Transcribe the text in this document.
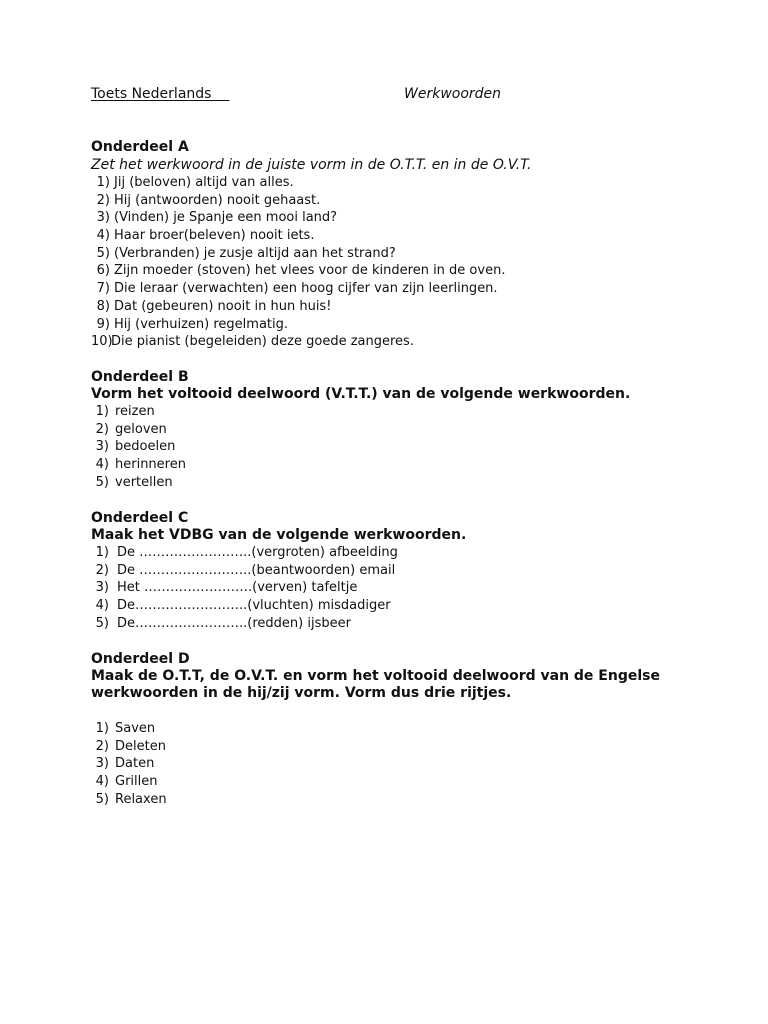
Toets Nederlands	Werkwoorden
Onderdeel A
Zet het werkwoord in de juiste vorm in de O.T.T. en in de O.V.T.
1) Jij (beloven) altijd van alles.
2) Hij (antwoorden) nooit gehaast.
3) (Vinden) je Spanje een mooi land?
4) Haar broer(beleven) nooit iets.
5) (Verbranden) je zusje altijd aan het strand?
6) Zijn moeder (stoven) het vlees voor de kinderen in de oven.
7) Die leraar (verwachten) een hoog cijfer van zijn leerlingen.
8) Dat (gebeuren) nooit in hun huis!
9) Hij (verhuizen) regelmatig.
10)
Die pianist (begeleiden) deze goede zangeres.
Onderdeel B
Vorm het voltooid deelwoord (V.T.T.) van de volgende werkwoorden.
1) reizen
2) geloven
3) bedoelen
4) herinneren
5) vertellen
Onderdeel C
Maak het VDBG van de volgende werkwoorden.
1) De ……………………..(vergroten) afbeelding
2) De ……………………..(beantwoorden) email
3) Het …………………….(verven) tafeltje
4) De……………………..(vluchten) misdadiger
5) De……………………..(redden) ijsbeer
Onderdeel D
Maak de O.T.T, de O.V.T. en vorm het voltooid deelwoord van de Engelse
werkwoorden in de hij/zij vorm. Vorm dus drie rijtjes.
1) Saven
2) Deleten
3) Daten
4) Grillen
5) Relaxen
